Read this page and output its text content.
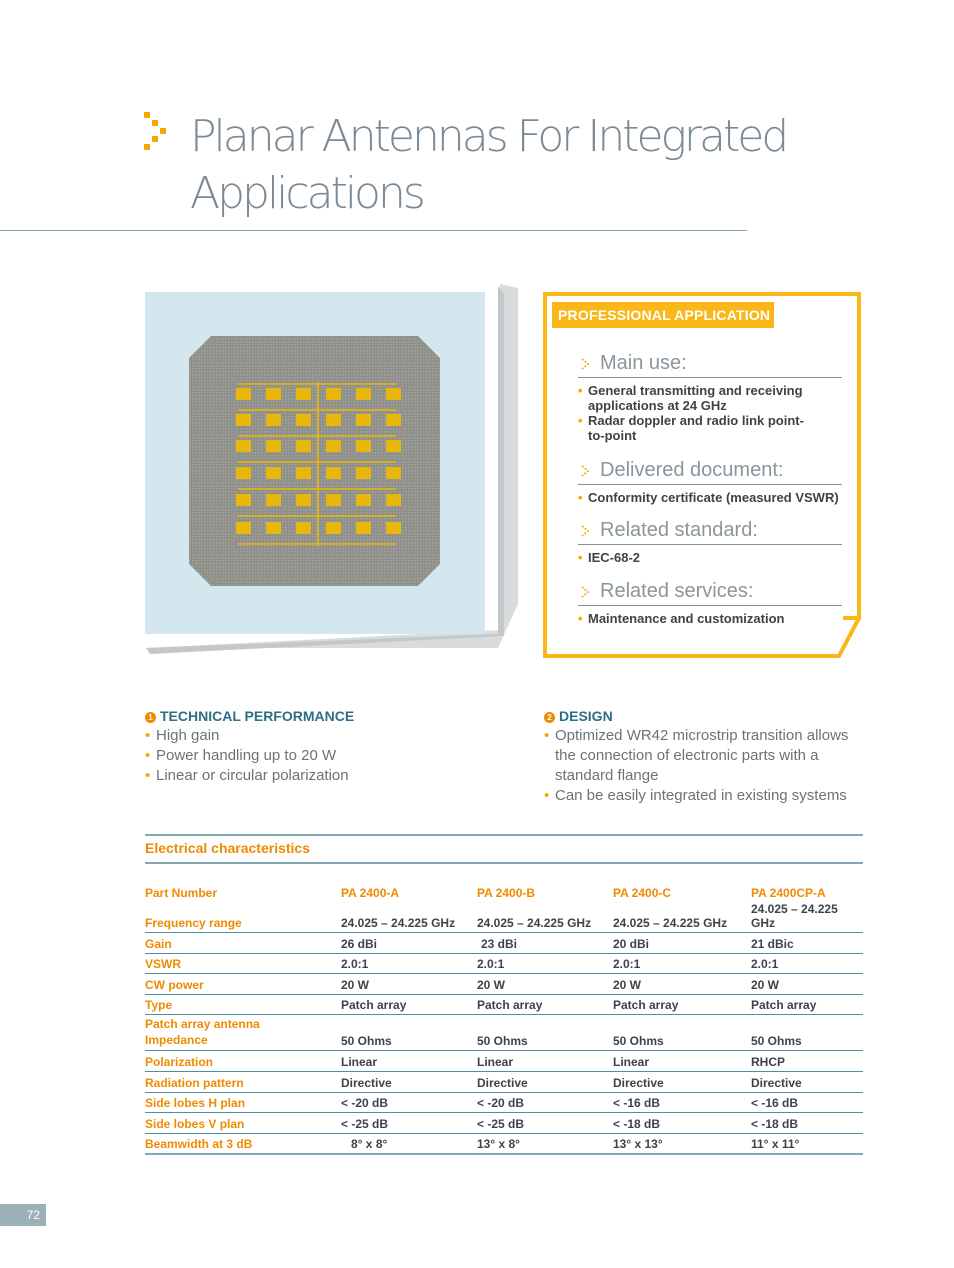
Planar Antennas For Integrated
Applications
PROFESSIONAL APPLICATION
Main use:
• General transmitting and receiving applications at 24 GHz
• Radar doppler and radio link point-to-point
Delivered document:
• Conformity certificate (measured VSWR)
Related standard:
• IEC-68-2
Related services:
• Maintenance and customization
1 TECHNICAL PERFORMANCE
• High gain
• Power handling up to 20 W
• Linear or circular polarization
2 DESIGN
• Optimized WR42 microstrip transition allows the connection of electronic parts with a standard flange
• Can be easily integrated in existing systems
Electrical characteristics
Part Number	PA 2400-A	PA 2400-B	PA 2400-C	PA 2400CP-A
Frequency range	24.025 – 24.225 GHz	24.025 – 24.225 GHz	24.025 – 24.225 GHz	24.025 – 24.225 GHz
Gain	26 dBi	23 dBi	20 dBi	21 dBic
VSWR	2.0:1	2.0:1	2.0:1	2.0:1
CW power	20 W	20 W	20 W	20 W
Type	Patch array	Patch array	Patch array	Patch array
Patch array antenna Impedance	50 Ohms	50 Ohms	50 Ohms	50 Ohms
Polarization	Linear	Linear	Linear	RHCP
Radiation pattern	Directive	Directive	Directive	Directive
Side lobes H plan	< -20 dB	< -20 dB	< -16 dB	< -16 dB
Side lobes V plan	< -25 dB	< -25 dB	< -18 dB	< -18 dB
Beamwidth at 3 dB	8° x 8°	13° x 8°	13° x 13°	11° x 11°
72
